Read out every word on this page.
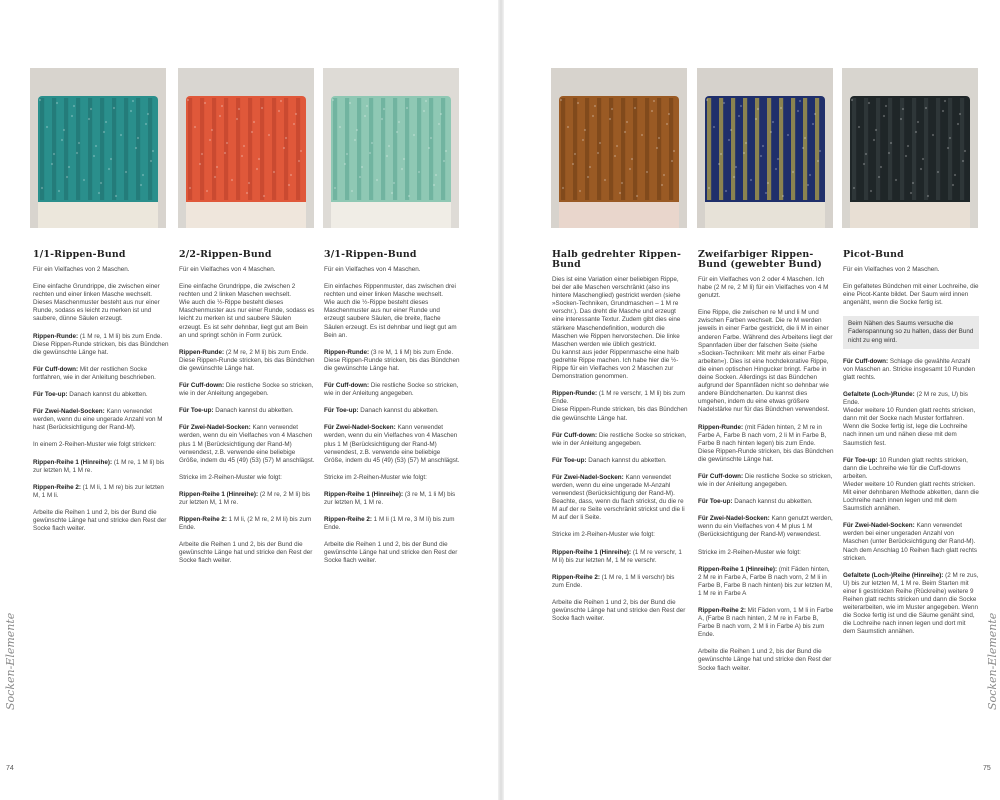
1/1-Rippen-Bund

Für ein Vielfaches von 2 Maschen.

Eine einfache Grundrippe, die zwischen einer rechten und einer linken Masche wechselt.
Dieses Maschenmuster besteht aus nur einer Runde, sodass es leicht zu merken ist und saubere, dünne Säulen erzeugt.

Rippen-Runde: (1 M re, 1 M li) bis zum Ende.
Diese Rippen-Runde stricken, bis das Bündchen die gewünschte Länge hat.

Für Cuff-down: Mit der restlichen Socke fortfahren, wie in der Anleitung beschrieben.

Für Toe-up: Danach kannst du abketten.

Für Zwei-Nadel-Socken: Kann verwendet werden, wenn du eine ungerade Anzahl von M hast (Berücksichtigung der Rand-M).

In einem 2-Reihen-Muster wie folgt stricken:

Rippen-Reihe 1 (Hinreihe): (1 M re, 1 M li) bis zur letzten M, 1 M re.

Rippen-Reihe 2: (1 M li, 1 M re) bis zur letzten M, 1 M li.

Arbeite die Reihen 1 und 2, bis der Bund die gewünschte Länge hat und stricke den Rest der Socke flach weiter.

2/2-Rippen-Bund

Für ein Vielfaches von 4 Maschen.

Eine einfache Grundrippe, die zwischen 2 rechten und 2 linken Maschen wechselt.
Wie auch die ½-Rippe besteht dieses Maschenmuster aus nur einer Runde, sodass es leicht zu merken ist und saubere Säulen erzeugt. Es ist sehr dehnbar, liegt gut am Bein an und springt schön in Form zurück.

Rippen-Runde: (2 M re, 2 M li) bis zum Ende.
Diese Rippen-Runde stricken, bis das Bündchen die gewünschte Länge hat.

Für Cuff-down: Die restliche Socke so stricken, wie in der Anleitung angegeben.

Für Toe-up: Danach kannst du abketten.

Für Zwei-Nadel-Socken: Kann verwendet werden, wenn du ein Vielfaches von 4 Maschen plus 1 M (Berücksichtigung der Rand-M) verwendest, z.B. verwende eine beliebige Größe, indem du 45 (49) (53) (57) M anschlägst.

Stricke im 2-Reihen-Muster wie folgt:

Rippen-Reihe 1 (Hinreihe): (2 M re, 2 M li) bis zur letzten M, 1 M re.

Rippen-Reihe 2: 1 M li, (2 M re, 2 M li) bis zum Ende.

Arbeite die Reihen 1 und 2, bis der Bund die gewünschte Länge hat und stricke den Rest der Socke flach weiter.

3/1-Rippen-Bund

Für ein Vielfaches von 4 Maschen.

Ein einfaches Rippenmuster, das zwischen drei rechten und einer linken Masche wechselt.
Wie auch die ½-Rippe besteht dieses Maschenmuster aus nur einer Runde und erzeugt saubere Säulen, die breite, flache Säulen erzeugt. Es ist dehnbar und liegt gut am Bein an.

Rippen-Runde: (3 re M, 1 li M) bis zum Ende.
Diese Rippen-Runde stricken, bis das Bündchen die gewünschte Länge hat.

Für Cuff-down: Die restliche Socke so stricken, wie in der Anleitung angegeben.

Für Toe-up: Danach kannst du abketten.

Für Zwei-Nadel-Socken: Kann verwendet werden, wenn du ein Vielfaches von 4 Maschen plus 1 M (Berücksichtigung der Rand-M) verwendest, z.B. verwende eine beliebige Größe, indem du 45 (49) (53) (57) M anschlägst.

Stricke im 2-Reihen-Muster wie folgt:

Rippen-Reihe 1 (Hinreihe): (3 re M, 1 li M) bis zur letzten M, 1 M re.

Rippen-Reihe 2: 1 M li (1 M re, 3 M li) bis zum Ende.

Arbeite die Reihen 1 und 2, bis der Bund die gewünschte Länge hat und stricke den Rest der Socke flach weiter.

Halb gedrehter Rippen-Bund

Dies ist eine Variation einer beliebigen Rippe, bei der alle Maschen verschränkt (also ins hintere Maschenglied) gestrickt werden (siehe »Socken-Techniken, Grundmaschen – 1 M re verschr.). Das dreht die Masche und erzeugt eine interessante Textur. Zudem gibt dies eine stärkere Maschendefinition, wodurch die Maschen wie Rippen hervorstechen. Die linke Maschen werden wie üblich gestrickt.
Du kannst aus jeder Rippenmasche eine halb gedrehte Rippe machen. Ich habe hier die ½-Rippe für ein Vielfaches von 2 Maschen zur Demonstration genommen.

Rippen-Runde: (1 M re verschr, 1 M li) bis zum Ende.
Diese Rippen-Runde stricken, bis das Bündchen die gewünschte Länge hat.

Für Cuff-down: Die restliche Socke so stricken, wie in der Anleitung angegeben.

Für Toe-up: Danach kannst du abketten.

Für Zwei-Nadel-Socken: Kann verwendet werden, wenn du eine ungerade M-Anzahl verwendest (Berücksichtigung der Rand-M). Beachte, dass, wenn du flach strickst, du die re M auf der re Seite verschränkt strickst und die li M auf der li Seite.

Stricke im 2-Reihen-Muster wie folgt:

Rippen-Reihe 1 (Hinreihe): (1 M re verschr, 1 M li) bis zur letzten M, 1 M re verschr.

Rippen-Reihe 2: (1 M re, 1 M li verschr) bis zum Ende.

Arbeite die Reihen 1 und 2, bis der Bund die gewünschte Länge hat und stricke den Rest der Socke flach weiter.

Zweifarbiger Rippen-Bund (gewebter Bund)

Für ein Vielfaches von 2 oder 4 Maschen. Ich habe (2 M re, 2 M li) für ein Vielfaches von 4 M genutzt.

Eine Rippe, die zwischen re M und li M und zwischen Farben wechselt. Die re M werden jeweils in einer Farbe gestrickt, die li M in einer anderen Farbe. Während des Arbeitens liegt der Spannfaden über der falschen Seite (siehe »Socken-Techniken: Mit mehr als einer Farbe arbeiten«). Dies ist eine hochdekorative Rippe, die einen optischen Hingucker bringt. Farbe in deine Socken. Allerdings ist das Bündchen aufgrund der Spannfäden nicht so dehnbar wie andere Bündchenarten. Du kannst dies umgehen, indem du eine etwas größere Nadelstärke nur für das Bündchen verwendest.

Rippen-Runde: (mit Fäden hinten, 2 M re in Farbe A, Farbe B nach vorn, 2 li M in Farbe B, Farbe B nach hinten legen) bis zum Ende.
Diese Rippen-Runde stricken, bis das Bündchen die gewünschte Länge hat.

Für Cuff-down: Die restliche Socke so stricken, wie in der Anleitung angegeben.

Für Toe-up: Danach kannst du abketten.

Für Zwei-Nadel-Socken: Kann genutzt werden, wenn du ein Vielfaches von 4 M plus 1 M (Berücksichtigung der Rand-M) verwendest.

Stricke im 2-Reihen-Muster wie folgt:

Rippen-Reihe 1 (Hinreihe): (mit Fäden hinten, 2 M re in Farbe A, Farbe B nach vorn, 2 M li in Farbe B, Farbe B nach hinten) bis zur letzten M, 1 M re in Farbe A

Rippen-Reihe 2: Mit Fäden vorn, 1 M li in Farbe A, (Farbe B nach hinten, 2 M re in Farbe B, Farbe B nach vorn, 2 M li in Farbe A) bis zum Ende.

Arbeite die Reihen 1 und 2, bis der Bund die gewünschte Länge hat und stricke den Rest der Socke flach weiter.

Picot-Bund

Für ein Vielfaches von 2 Maschen.

Ein gefaltetes Bündchen mit einer Lochreihe, die eine Picot-Kante bildet. Der Saum wird innen angenäht, wenn die Socke fertig ist.

Beim Nähen des Saums versuche die Fadenspannung so zu halten, dass der Bund nicht zu eng wird.

Für Cuff-down: Schlage die gewählte Anzahl von Maschen an. Stricke insgesamt 10 Runden glatt rechts.

Gefaltete (Loch-)Runde: (2 M re zus, U) bis Ende.
Wieder weitere 10 Runden glatt rechts stricken, dann mit der Socke nach Muster fortfahren.
Wenn die Socke fertig ist, lege die Lochreihe nach innen um und nähen diese mit dem Saumstich fest.

Für Toe-up: 10 Runden glatt rechts stricken, dann die Lochreihe wie für die Cuff-downs arbeiten.
Wieder weitere 10 Runden glatt rechts stricken. Mit einer dehnbaren Methode abketten, dann die Lochreihe nach innen legen und mit dem Saumstich annähen.

Für Zwei-Nadel-Socken: Kann verwendet werden bei einer ungeraden Anzahl von Maschen (unter Berücksichtigung der Rand-M). Nach dem Anschlag 10 Reihen flach glatt rechts stricken.

Gefaltete (Loch-)Reihe (Hinreihe): (2 M re zus, U) bis zur letzten M, 1 M re. Beim Starten mit einer li gestrickten Reihe (Rückreihe) weitere 9 Reihen glatt rechts stricken und dann die Socke weiterarbeiten, wie im Muster angegeben. Wenn die Socke fertig ist und die Säume genäht sind, die Lochreihe nach innen legen und dort mit dem Saumstich annähen.

Socken-Elemente	Socken-Elemente
74	75
